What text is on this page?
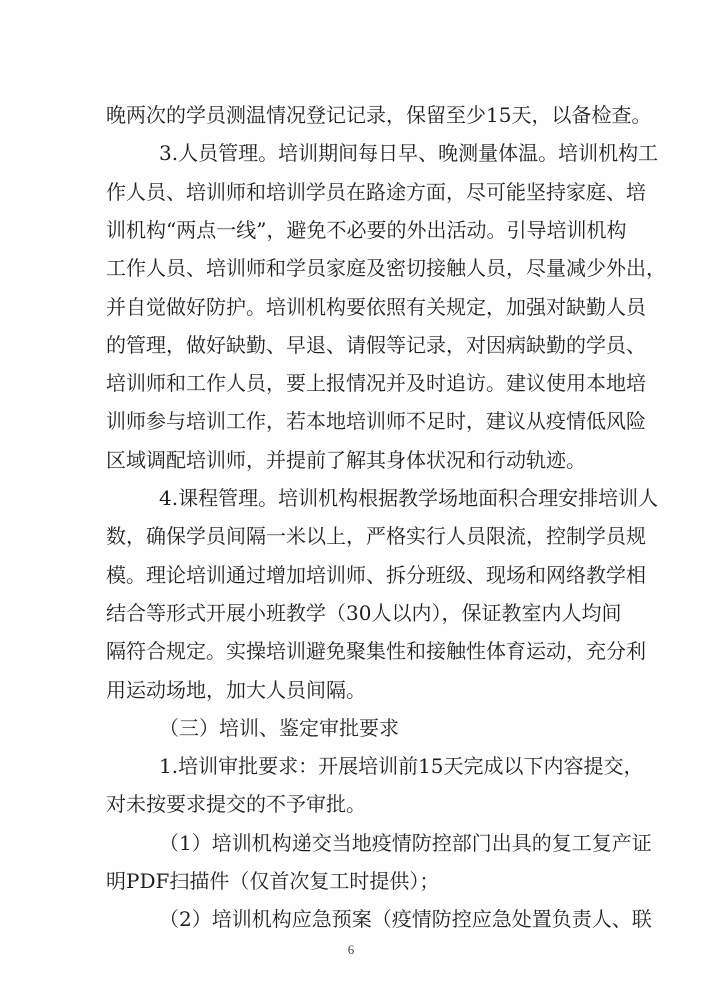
晚两次的学员测温情况登记记录，保留至少15天，以备检查。
3.人员管理。培训期间每日早、晚测量体温。培训机构工
作人员、培训师和培训学员在路途方面，尽可能坚持家庭、培
训机构“两点一线”，避免不必要的外出活动。引导培训机构
工作人员、培训师和学员家庭及密切接触人员，尽量减少外出，
并自觉做好防护。培训机构要依照有关规定，加强对缺勤人员
的管理，做好缺勤、早退、请假等记录，对因病缺勤的学员、
培训师和工作人员，要上报情况并及时追访。建议使用本地培
训师参与培训工作，若本地培训师不足时，建议从疫情低风险
区域调配培训师，并提前了解其身体状况和行动轨迹。
4.课程管理。培训机构根据教学场地面积合理安排培训人
数，确保学员间隔一米以上，严格实行人员限流，控制学员规
模。理论培训通过增加培训师、拆分班级、现场和网络教学相
结合等形式开展小班教学（30人以内），保证教室内人均间
隔符合规定。实操培训避免聚集性和接触性体育运动，充分利
用运动场地，加大人员间隔。
（三）培训、鉴定审批要求
1.培训审批要求：开展培训前15天完成以下内容提交，
对未按要求提交的不予审批。
（1）培训机构递交当地疫情防控部门出具的复工复产证
明PDF扫描件（仅首次复工时提供）；
（2）培训机构应急预案（疫情防控应急处置负责人、联
6
